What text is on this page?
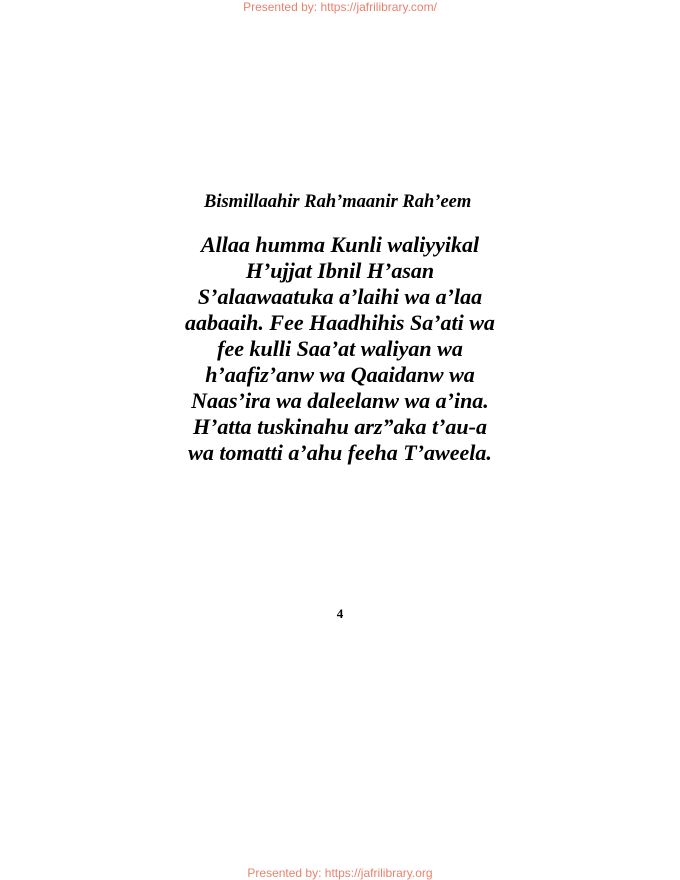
Presented by: https://jafrilibrary.com/
Bismillaahir Rah’maanir Rah’eem
Allaa humma Kunli waliyyikal
H’ujjat Ibnil H’asan
S’alaawaatuka a’laihi wa a’laa
aabaaih. Fee Haadhihis Sa’ati wa
fee kulli Saa’at waliyan wa
h’aafiz’anw wa Qaaidanw wa
Naas’ira wa daleelanw wa a’ina.
H’atta tuskinahu arz”aka t’au-a
wa tomatti a’ahu feeha T’aweela.
4
Presented by: https://jafrilibrary.org
